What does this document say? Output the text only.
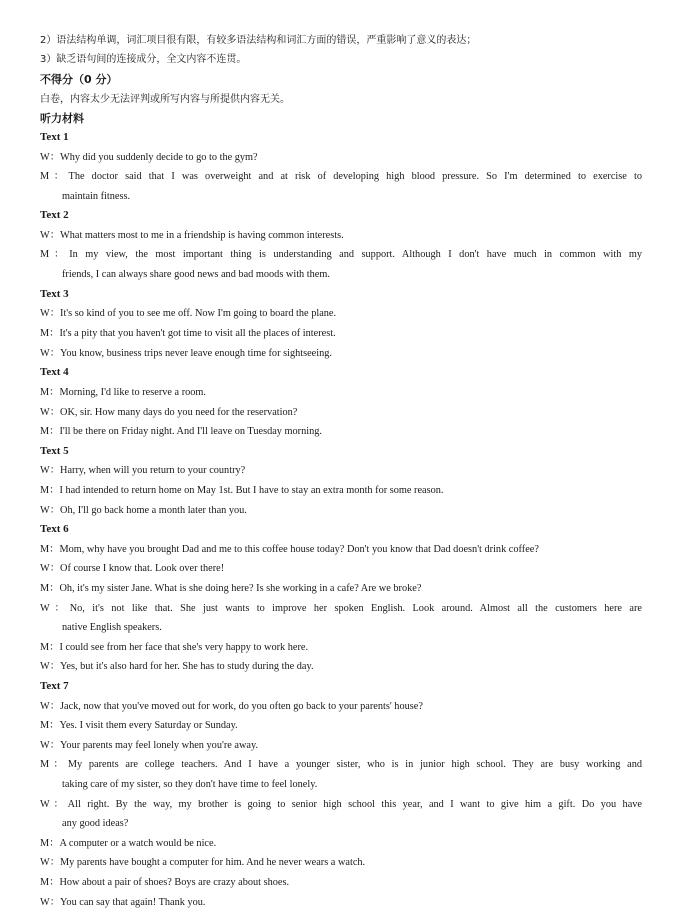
2）语法结构单调，词汇项目很有限，有较多语法结构和词汇方面的错误，严重影响了意义的表达；
3）缺乏语句间的连接成分，全文内容不连贯。
不得分（0 分）
白卷，内容太少无法评判或所写内容与所提供内容无关。
听力材料
Text 1
W：Why did you suddenly decide to go to the gym?
M：The doctor said that I was overweight and at risk of developing high blood pressure. So I'm determined to exercise to
maintain fitness.
Text 2
W：What matters most to me in a friendship is having common interests.
M：In my view, the most important thing is understanding and support. Although I don't have much in common with my
friends, I can always share good news and bad moods with them.
Text 3
W：It's so kind of you to see me off. Now I'm going to board the plane.
M：It's a pity that you haven't got time to visit all the places of interest.
W：You know, business trips never leave enough time for sightseeing.
Text 4
M：Morning, I'd like to reserve a room.
W：OK, sir. How many days do you need for the reservation?
M：I'll be there on Friday night. And I'll leave on Tuesday morning.
Text 5
W：Harry, when will you return to your country?
M：I had intended to return home on May 1st. But I have to stay an extra month for some reason.
W：Oh, I'll go back home a month later than you.
Text 6
M：Mom, why have you brought Dad and me to this coffee house today? Don't you know that Dad doesn't drink coffee?
W：Of course I know that. Look over there!
M：Oh, it's my sister Jane. What is she doing here? Is she working in a cafe? Are we broke?
W：No, it's not like that. She just wants to improve her spoken English. Look around. Almost all the customers here are
native English speakers.
M：I could see from her face that she's very happy to work here.
W：Yes, but it's also hard for her. She has to study during the day.
Text 7
W：Jack, now that you've moved out for work, do you often go back to your parents' house?
M：Yes. I visit them every Saturday or Sunday.
W：Your parents may feel lonely when you're away.
M：My parents are college teachers. And I have a younger sister, who is in junior high school. They are busy working and
taking care of my sister, so they don't have time to feel lonely.
W：All right. By the way, my brother is going to senior high school this year, and I want to give him a gift. Do you have
any good ideas?
M：A computer or a watch would be nice.
W：My parents have bought a computer for him. And he never wears a watch.
M：How about a pair of shoes? Boys are crazy about shoes.
W：You can say that again! Thank you.
